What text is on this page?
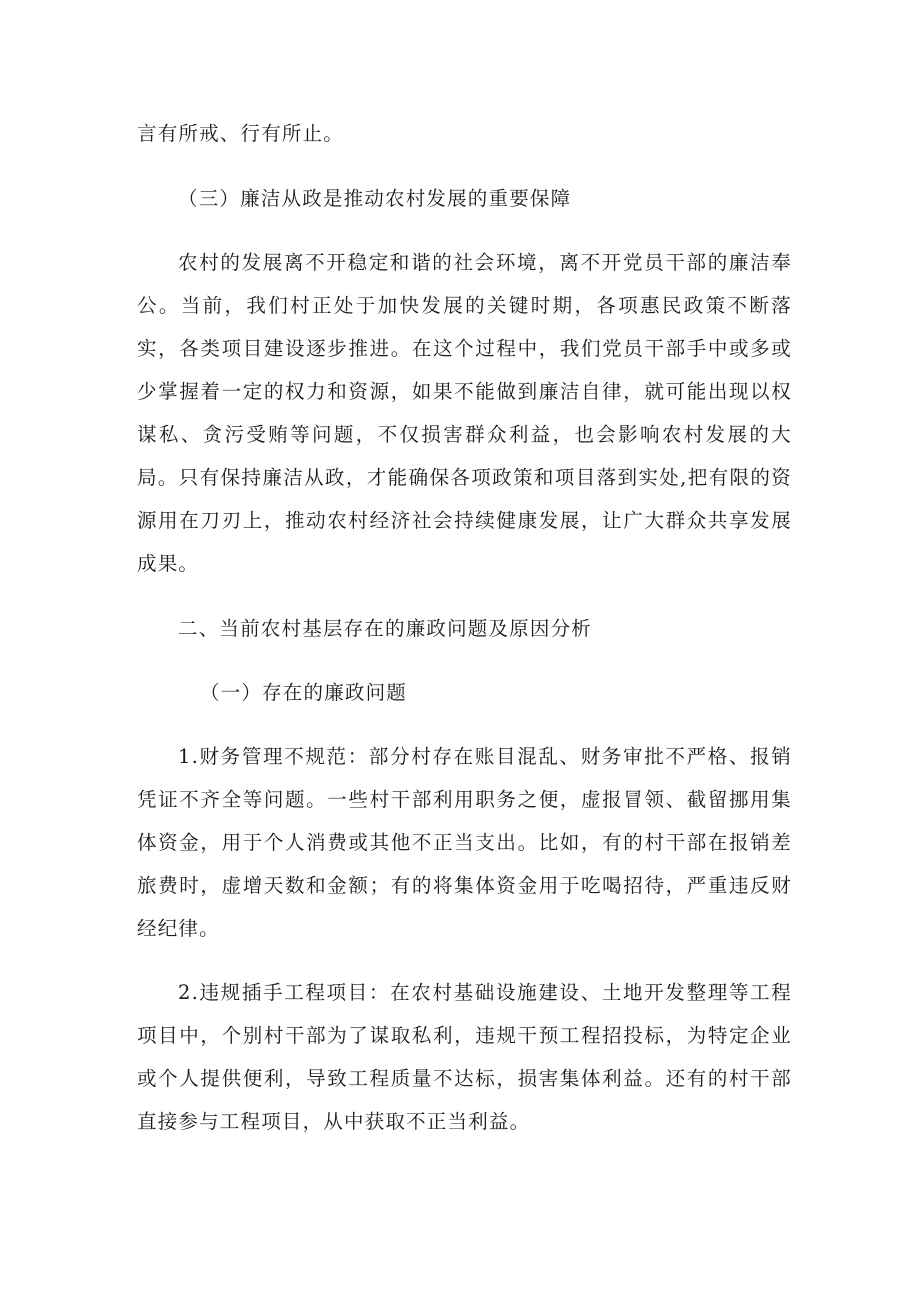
言有所戒、行有所止。

（三）廉洁从政是推动农村发展的重要保障

农村的发展离不开稳定和谐的社会环境，离不开党员干部的廉洁奉公。当前，我们村正处于加快发展的关键时期，各项惠民政策不断落实，各类项目建设逐步推进。在这个过程中，我们党员干部手中或多或少掌握着一定的权力和资源，如果不能做到廉洁自律，就可能出现以权谋私、贪污受贿等问题，不仅损害群众利益，也会影响农村发展的大局。只有保持廉洁从政，才能确保各项政策和项目落到实处,把有限的资源用在刀刃上，推动农村经济社会持续健康发展，让广大群众共享发展成果。

二、当前农村基层存在的廉政问题及原因分析

（一）存在的廉政问题

1.财务管理不规范：部分村存在账目混乱、财务审批不严格、报销凭证不齐全等问题。一些村干部利用职务之便，虚报冒领、截留挪用集体资金，用于个人消费或其他不正当支出。比如，有的村干部在报销差旅费时，虚增天数和金额；有的将集体资金用于吃喝招待，严重违反财经纪律。

2.违规插手工程项目：在农村基础设施建设、土地开发整理等工程项目中，个别村干部为了谋取私利，违规干预工程招投标，为特定企业或个人提供便利，导致工程质量不达标，损害集体利益。还有的村干部直接参与工程项目，从中获取不正当利益。
